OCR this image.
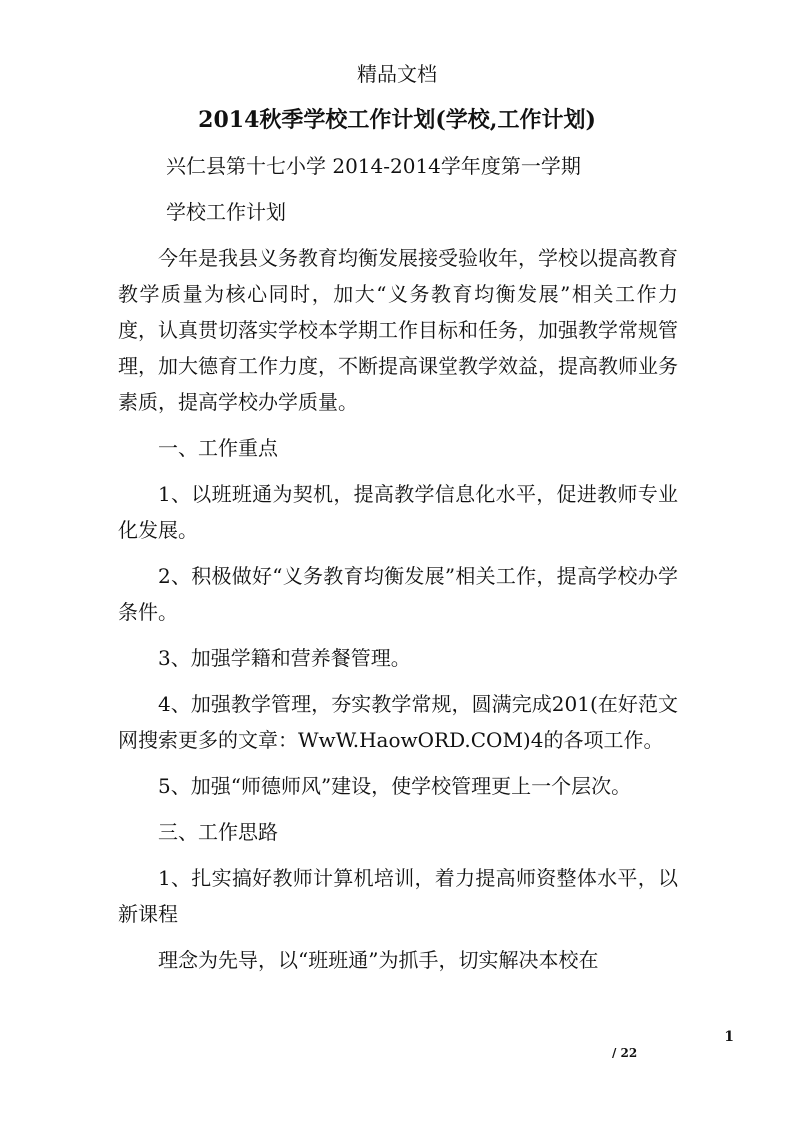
精品文档
2014秋季学校工作计划(学校,工作计划)

兴仁县第十七小学 2014-2014学年度第一学期

学校工作计划

今年是我县义务教育均衡发展接受验收年，学校以提高教育教学质量为核心同时，加大“义务教育均衡发展”相关工作力度，认真贯切落实学校本学期工作目标和任务，加强教学常规管理，加大德育工作力度，不断提高课堂教学效益，提高教师业务素质，提高学校办学质量。

一、工作重点

1、以班班通为契机，提高教学信息化水平，促进教师专业化发展。

2、积极做好“义务教育均衡发展”相关工作，提高学校办学条件。

3、加强学籍和营养餐管理。

4、加强教学管理，夯实教学常规，圆满完成201(在好范文网搜索更多的文章：WwW.HaowORD.COM)4的各项工作。

5、加强“师德师风”建设，使学校管理更上一个层次。

三、工作思路

1、扎实搞好教师计算机培训，着力提高师资整体水平，以新课程

理念为先导，以“班班通”为抓手，切实解决本校在

1
/ 22
